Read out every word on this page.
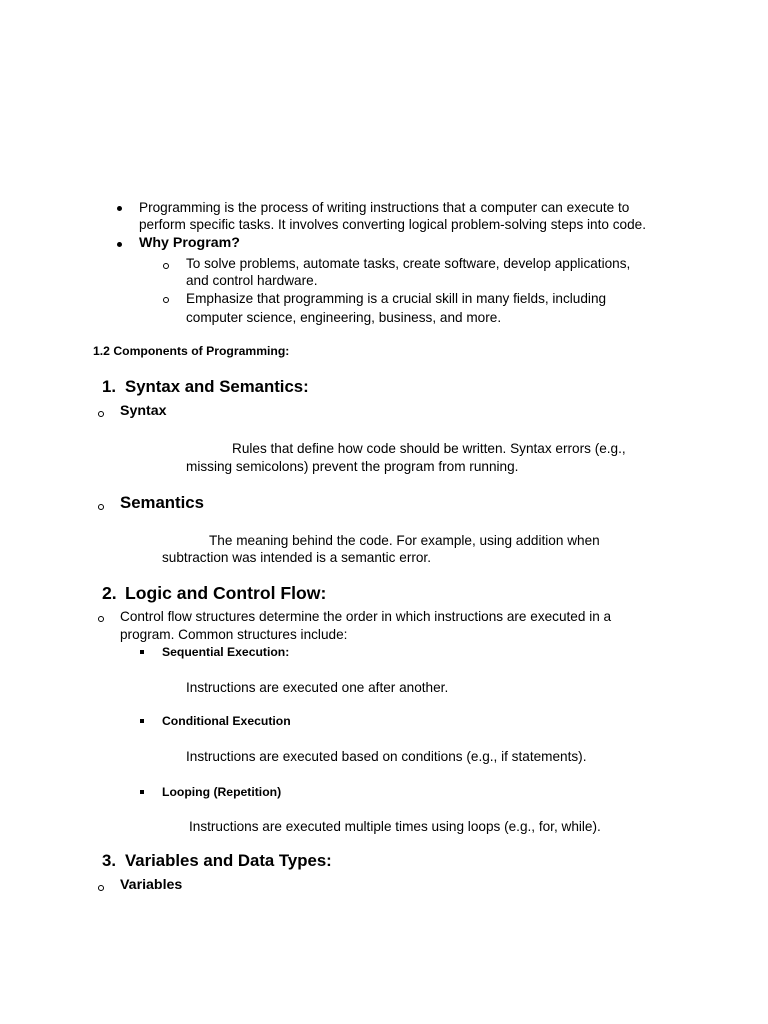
Programming is the process of writing instructions that a computer can execute to
perform specific tasks. It involves converting logical problem-solving steps into code.
Why Program?
To solve problems, automate tasks, create software, develop applications,
and control hardware.
Emphasize that programming is a crucial skill in many fields, including
computer science, engineering, business, and more.
1.2 Components of Programming:
1. Syntax and Semantics:
Syntax
Rules that define how code should be written. Syntax errors (e.g.,
missing semicolons) prevent the program from running.
Semantics
The meaning behind the code. For example, using addition when
subtraction was intended is a semantic error.
2. Logic and Control Flow:
Control flow structures determine the order in which instructions are executed in a
program. Common structures include:
Sequential Execution:
Instructions are executed one after another.
Conditional Execution
Instructions are executed based on conditions (e.g., if statements).
Looping (Repetition)
Instructions are executed multiple times using loops (e.g., for, while).
3. Variables and Data Types:
Variables
